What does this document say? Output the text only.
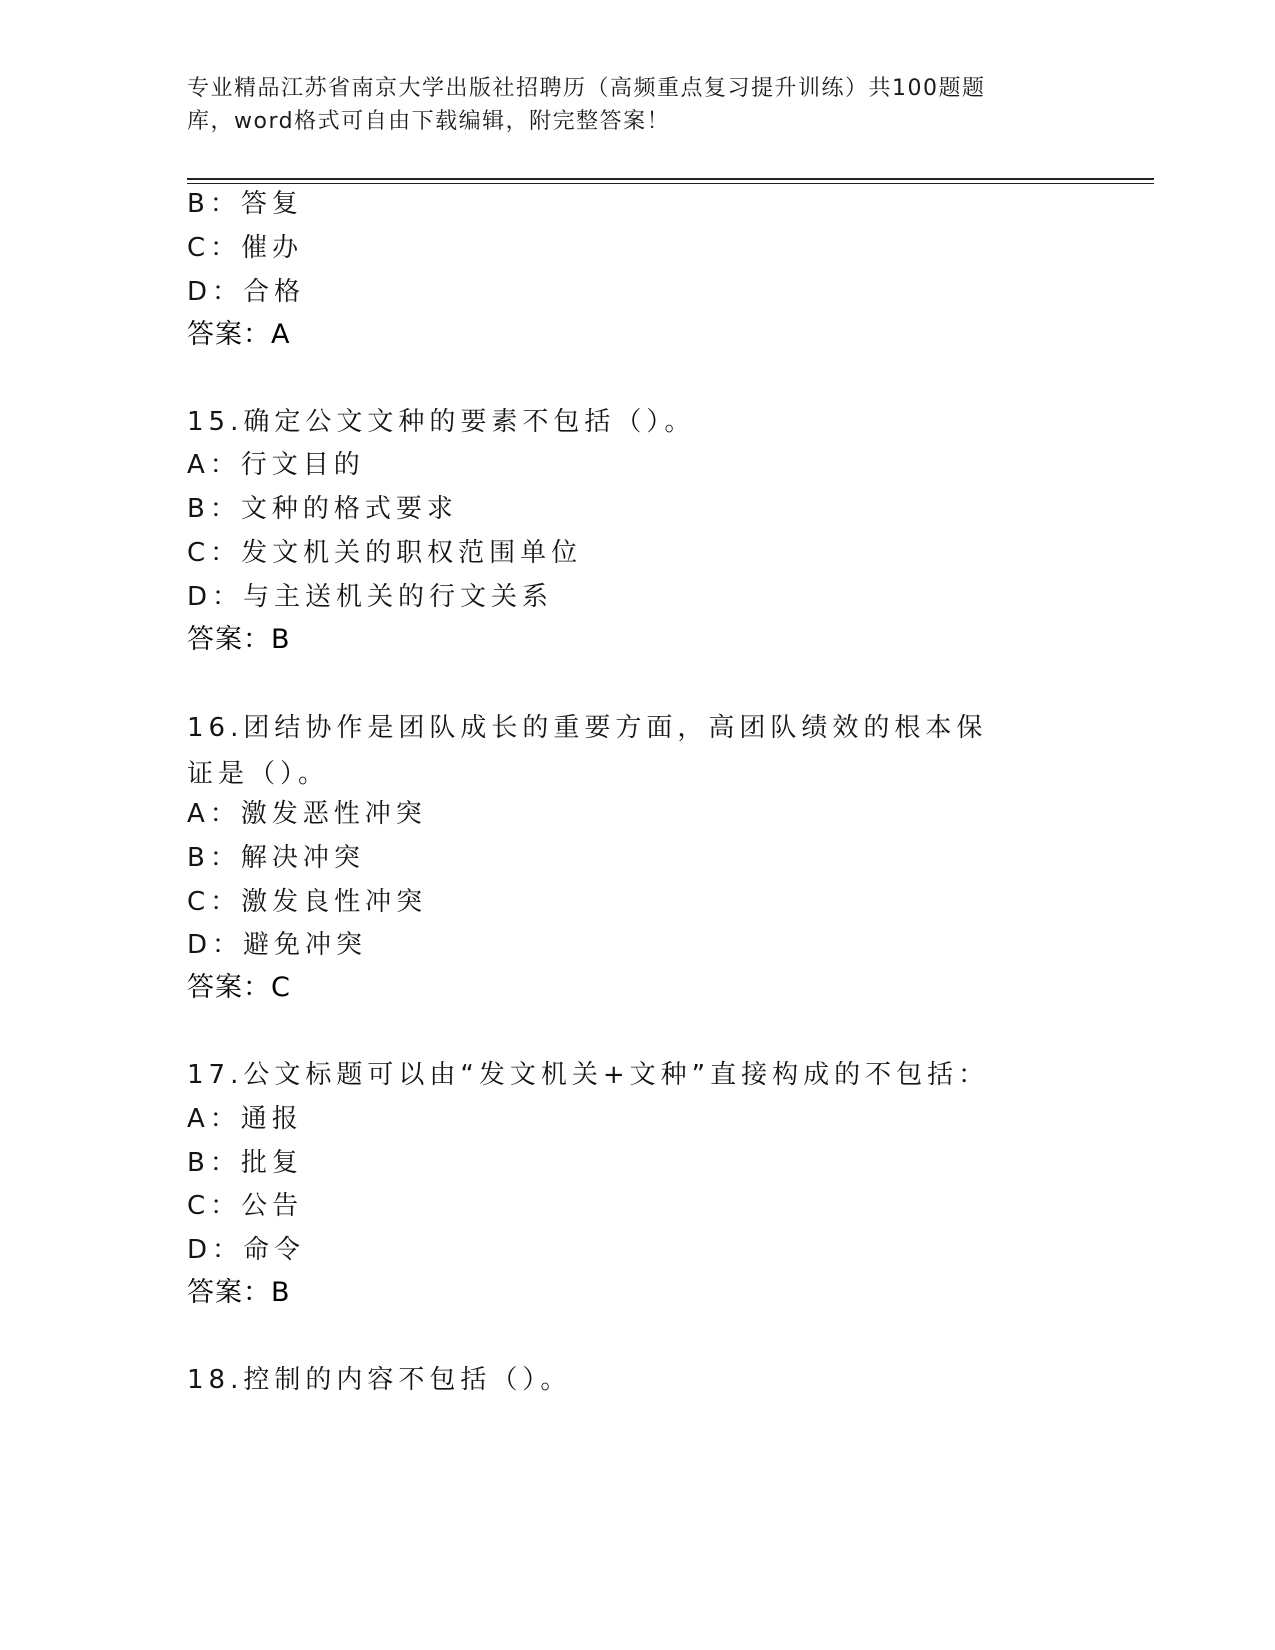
专业精品江苏省南京大学出版社招聘历（高频重点复习提升训练）共100题题库，word格式可自由下载编辑，附完整答案！
B：答复
C：催办
D：合格
答案：A
15.确定公文文种的要素不包括（）。
A：行文目的
B：文种的格式要求
C：发文机关的职权范围单位
D：与主送机关的行文关系
答案：B
16.团结协作是团队成长的重要方面，高团队绩效的根本保证是（）。
A：激发恶性冲突
B：解决冲突
C：激发良性冲突
D：避免冲突
答案：C
17.公文标题可以由“发文机关+文种”直接构成的不包括：
A：通报
B：批复
C：公告
D：命令
答案：B
18.控制的内容不包括（）。
